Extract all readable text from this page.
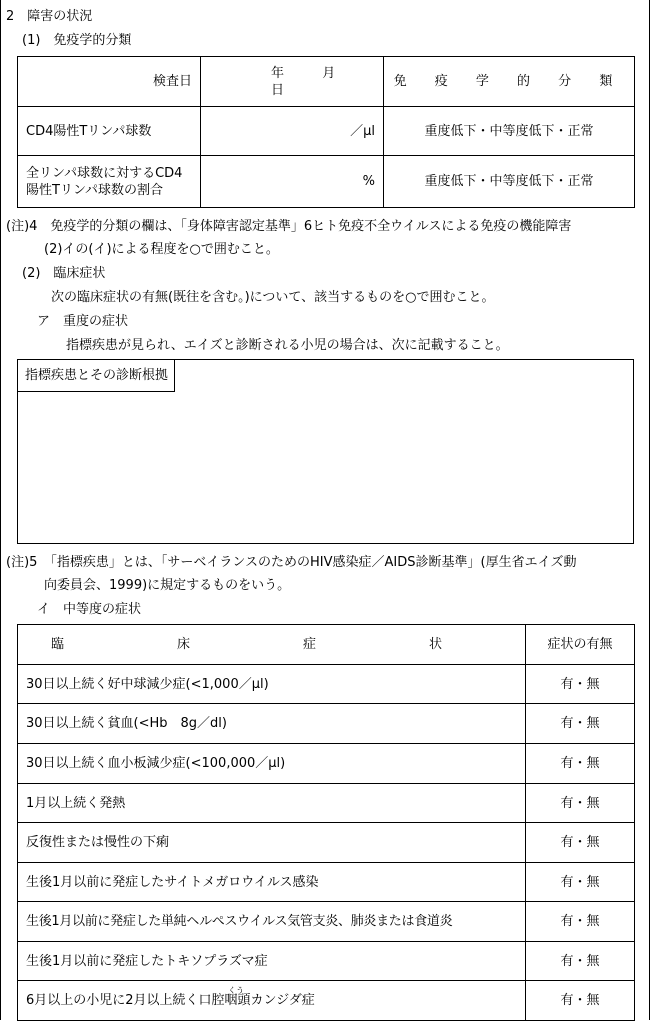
2　障害の状況
(1)　免疫学的分類
検査日	年 月  日	免 疫 学 的 分 類
CD4陽性Tリンパ球数	／μl	重度低下・中等度低下・正常

全リンパ球数に対するCD4
陽性Tリンパ球数の割合	%	重度低下・中等度低下・正常
(注)4　免疫学的分類の欄は、「身体障害認定基準」6ヒト免疫不全ウイルスによる免疫の機能障害
(2)イの(イ)による程度を○で囲むこと。
(2)　臨床症状
次の臨床症状の有無(既往を含む。)について、該当するものを○で囲むこと。
ア　重度の症状
指標疾患が見られ、エイズと診断される小児の場合は、次に記載すること。
指標疾患とその診断根拠
(注)5　「指標疾患」とは、「サーベイランスのためのHIV感染症／AIDS診断基準」(厚生省エイズ動
向委員会、1999)に規定するものをいう。
イ　中等度の症状
臨　床　症　状	症状の有無
30日以上続く好中球減少症(<1,000／μl)	有・無
30日以上続く貧血(<Hb　8g／dl)	有・無
30日以上続く血小板減少症(<100,000／μl)	有・無
1月以上続く発熱	有・無
反復性または慢性の下痢	有・無
生後1月以前に発症したサイトメガロウイルス感染	有・無
生後1月以前に発症した単純ヘルペスウイルス気管支炎、肺炎または食道炎	有・無
生後1月以前に発症したトキソプラズマ症	有・無
6月以上の小児に2月以上続く口腔咽頭カンジダ症	有・無
くう
